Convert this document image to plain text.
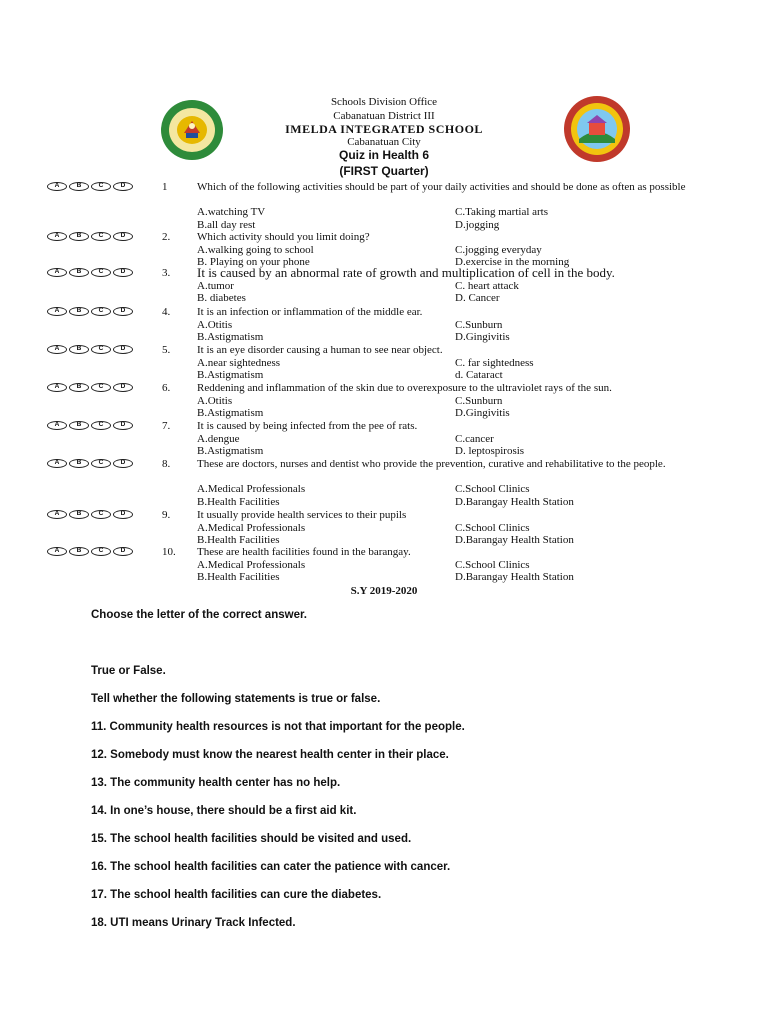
Schools Division Office
Cabanatuan District III
IMELDA INTEGRATED SCHOOL
Cabanatuan City
Quiz in Health 6
(FIRST Quarter)
A	B	C	D	1	Which of the following activities should be part of your daily activities and should be done as often as possible
A.watching TV	C.Taking martial arts
B.all day rest	D.jogging
A	B	C	D	2. Which activity should you limit doing?
A.walking going to school	C.jogging everyday
B. Playing on your phone	D.exercise in the morning
A	B	C	D	3. It is caused by an abnormal rate of growth and multiplication of cell in the body.
A.tumor	C. heart attack
B. diabetes	D. Cancer
A	B	C	D	4. It is an infection or inflammation of the middle ear.
A.Otitis	C.Sunburn
B.Astigmatism	D.Gingivitis
A	B	C	D	5. It is an eye disorder causing a human to see near object.
A.near sightedness	C. far sightedness
B.Astigmatism	d. Cataract
A	B	C	D	6. Reddening and inflammation of the skin due to overexposure to the ultraviolet rays of the sun.
A.Otitis	C.Sunburn
B.Astigmatism	D.Gingivitis
A	B	C	D	7. It is caused by being infected from the pee of rats.
A.dengue	C.cancer
B.Astigmatism	D. leptospirosis
A	B	C	D	8. These are doctors, nurses and dentist who provide the prevention, curative and rehabilitative to the people.
A.Medical Professionals	C.School Clinics
B.Health Facilities	D.Barangay Health Station
A	B	C	D	9. It usually provide health services to their pupils
A.Medical Professionals	C.School Clinics
B.Health Facilities	D.Barangay Health Station
A	B	C	D	10. These are health facilities found in the barangay.
A.Medical Professionals	C.School Clinics
B.Health Facilities	D.Barangay Health Station
S.Y 2019-2020
Choose the letter of the correct answer.
True or False.
Tell whether the following statements is true or false.
11. Community health resources is not that important for the people.
12. Somebody must know the nearest health center in their place.
13. The community health center has no help.
14. In one’s house, there should be a first aid kit.
15. The school health facilities should be visited and used.
16. The school health facilities can cater the patience with cancer.
17. The school health facilities can cure the diabetes.
18. UTI means Urinary Track Infected.
